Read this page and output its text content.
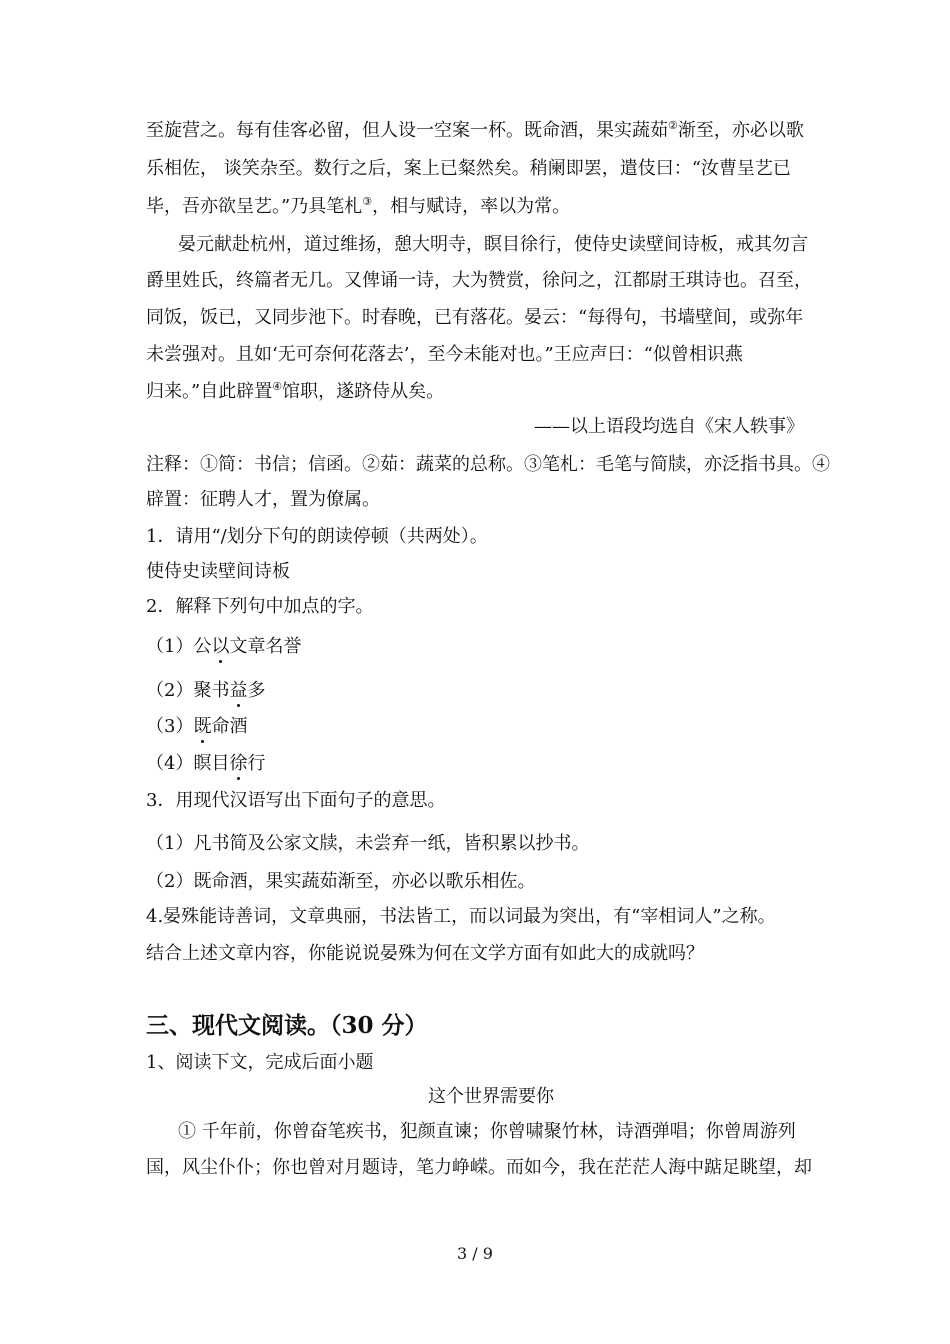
至旋营之。每有佳客必留，但人设一空案一杯。既命酒，果实蔬茹②渐至，亦必以歌
乐相佐， 谈笑杂至。数行之后，案上已粲然矣。稍阑即罢，遣伎曰：“汝曹呈艺已
毕，吾亦欲呈艺。”乃具笔札③，相与赋诗，率以为常。
晏元献赴杭州，道过维扬，憩大明寺，瞑目徐行，使侍史读壁间诗板，戒其勿言
爵里姓氏，终篇者无几。又俾诵一诗，大为赞赏，徐问之，江都尉王琪诗也。召至，
同饭，饭已，又同步池下。时春晚，已有落花。晏云：“每得句，书墙壁间，或弥年
未尝强对。且如‘无可奈何花落去’，至今未能对也。”王应声曰：“似曾相识燕
归来。”自此辟置④馆职，遂跻侍从矣。
——以上语段均选自《宋人轶事》
注释：①简：书信；信函。②茹：蔬菜的总称。③笔札：毛笔与简牍，亦泛指书具。④
辟置：征聘人才，置为僚属。
1．请用“/划分下句的朗读停顿（共两处）。
使侍史读壁间诗板
2．解释下列句中加点的字。
（1）公以文章名誉
（2）聚书益多
（3）既命酒
（4）瞑目徐行
3．用现代汉语写出下面句子的意思。
（1）凡书简及公家文牍，未尝弃一纸，皆积累以抄书。
（2）既命酒，果实蔬茹渐至，亦必以歌乐相佐。
4.晏殊能诗善词，文章典丽，书法皆工，而以词最为突出，有“宰相词人”之称。
结合上述文章内容，你能说说晏殊为何在文学方面有如此大的成就吗？
三、现代文阅读。（30 分）
1、阅读下文，完成后面小题
这个世界需要你
① 千年前，你曾奋笔疾书，犯颜直谏；你曾啸聚竹林，诗酒弹唱；你曾周游列
国，风尘仆仆；你也曾对月题诗，笔力峥嵘。而如今，我在茫茫人海中踮足眺望，却
3 / 9
